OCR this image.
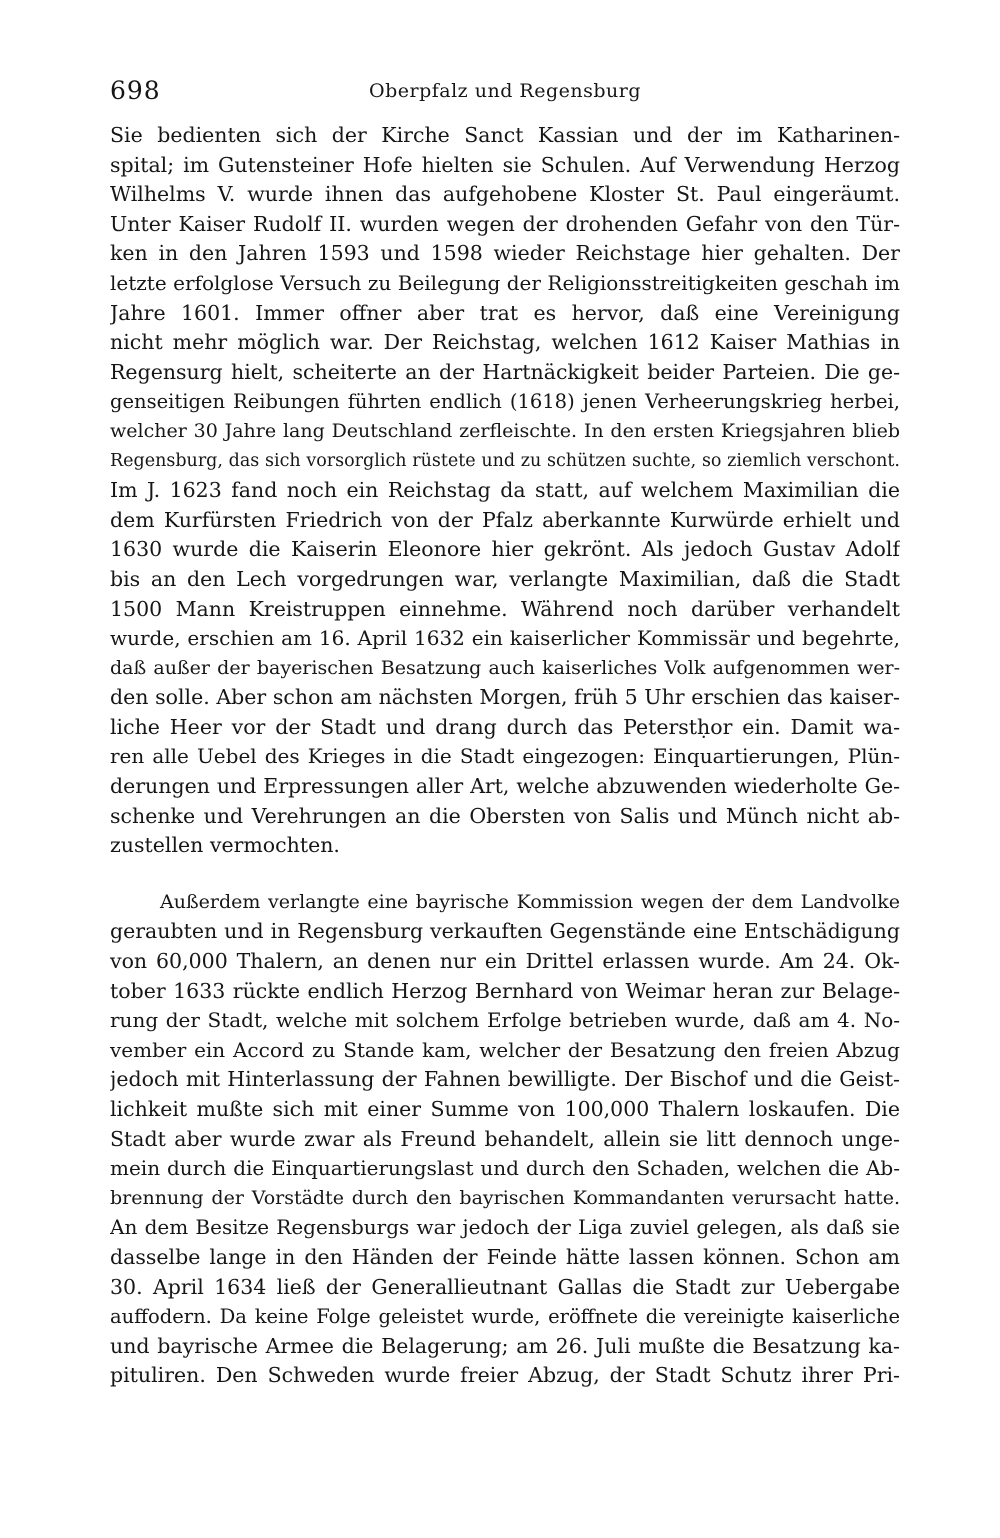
698	Oberpfalz und Regensburg
Sie bedienten sich der Kirche Sanct Kassian und der im Katharinen-
spital; im Gutensteiner Hofe hielten sie Schulen. Auf Verwendung Herzog
Wilhelms V. wurde ihnen das aufgehobene Kloster St. Paul eingeräumt.
Unter Kaiser Rudolf II. wurden wegen der drohenden Gefahr von den Tür-
ken in den Jahren 1593 und 1598 wieder Reichstage hier gehalten. Der
letzte erfolglose Versuch zu Beilegung der Religionsstreitigkeiten geschah im
Jahre 1601. Immer offner aber trat es hervor, daß eine Vereinigung
nicht mehr möglich war. Der Reichstag, welchen 1612 Kaiser Mathias in
Regensurg hielt, scheiterte an der Hartnäckigkeit beider Parteien. Die ge-
genseitigen Reibungen führten endlich (1618) jenen Verheerungskrieg herbei,
welcher 30 Jahre lang Deutschland zerfleischte. In den ersten Kriegsjahren blieb
Regensburg, das sich vorsorglich rüstete und zu schützen suchte, so ziemlich verschont.
Im J. 1623 fand noch ein Reichstag da statt, auf welchem Maximilian die
dem Kurfürsten Friedrich von der Pfalz aberkannte Kurwürde erhielt und
1630 wurde die Kaiserin Eleonore hier gekrönt. Als jedoch Gustav Adolf
bis an den Lech vorgedrungen war, verlangte Maximilian, daß die Stadt
1500 Mann Kreistruppen einnehme. Während noch darüber verhandelt
wurde, erschien am 16. April 1632 ein kaiserlicher Kommissär und begehrte,
daß außer der bayerischen Besatzung auch kaiserliches Volk aufgenommen wer-
den solle. Aber schon am nächsten Morgen, früh 5 Uhr erschien das kaiser-
liche Heer vor der Stadt und drang durch das Peterstḥor ein. Damit wa-
ren alle Uebel des Krieges in die Stadt eingezogen: Einquartierungen, Plün-
derungen und Erpressungen aller Art, welche abzuwenden wiederholte Ge-
schenke und Verehrungen an die Obersten von Salis und Münch nicht ab-
zustellen vermochten.
Außerdem verlangte eine bayrische Kommission wegen der dem Landvolke
geraubten und in Regensburg verkauften Gegenstände eine Entschädigung
von 60,000 Thalern, an denen nur ein Drittel erlassen wurde. Am 24. Ok-
tober 1633 rückte endlich Herzog Bernhard von Weimar heran zur Belage-
rung der Stadt, welche mit solchem Erfolge betrieben wurde, daß am 4. No-
vember ein Accord zu Stande kam, welcher der Besatzung den freien Abzug
jedoch mit Hinterlassung der Fahnen bewilligte. Der Bischof und die Geist-
lichkeit mußte sich mit einer Summe von 100,000 Thalern loskaufen. Die
Stadt aber wurde zwar als Freund behandelt, allein sie litt dennoch unge-
mein durch die Einquartierungslast und durch den Schaden, welchen die Ab-
brennung der Vorstädte durch den bayrischen Kommandanten verursacht hatte.
An dem Besitze Regensburgs war jedoch der Liga zuviel gelegen, als daß sie
dasselbe lange in den Händen der Feinde hätte lassen können. Schon am
30. April 1634 ließ der Generallieutnant Gallas die Stadt zur Uebergabe
auffodern. Da keine Folge geleistet wurde, eröffnete die vereinigte kaiserliche
und bayrische Armee die Belagerung; am 26. Juli mußte die Besatzung ka-
pituliren. Den Schweden wurde freier Abzug, der Stadt Schutz ihrer Pri-
